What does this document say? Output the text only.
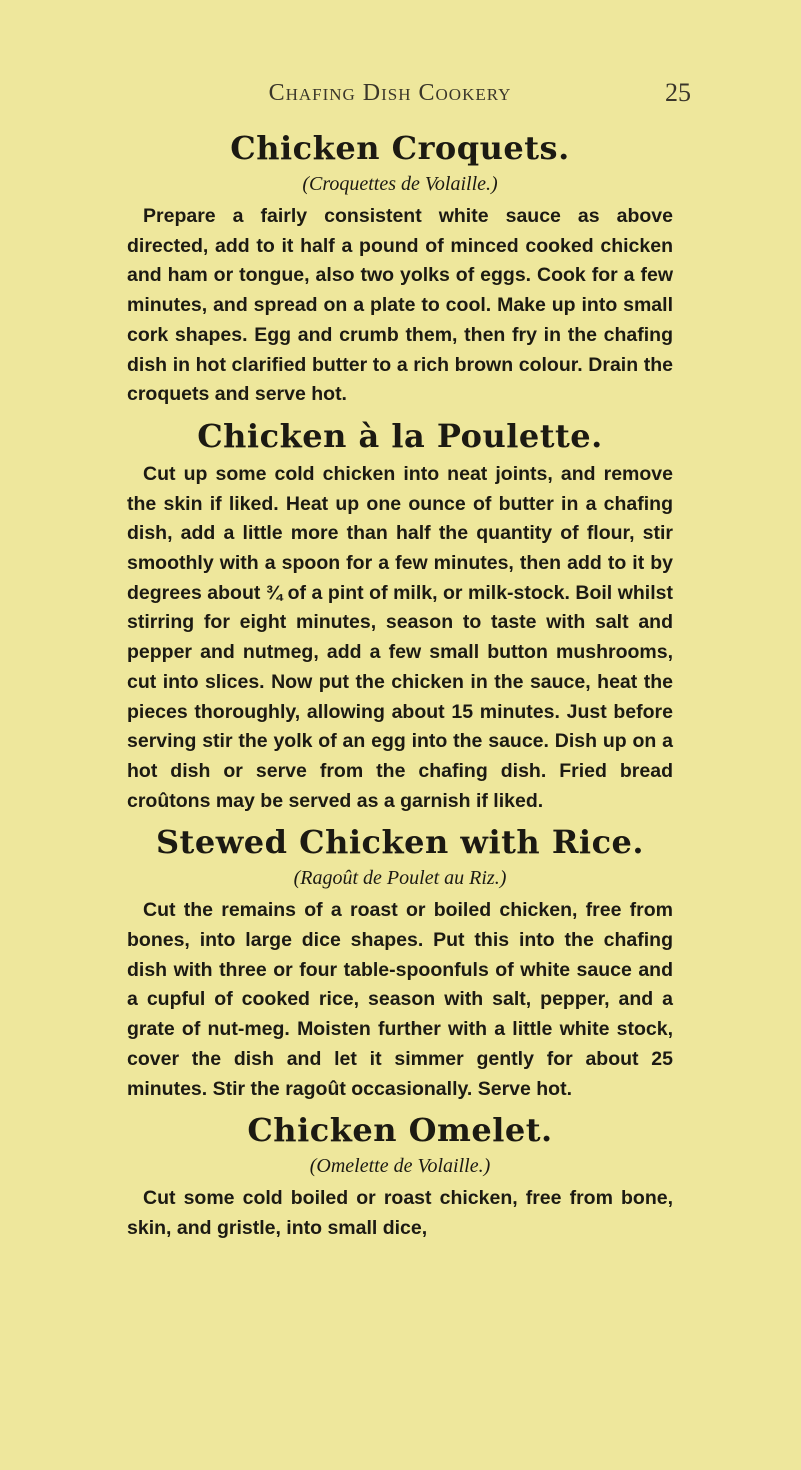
Chafing Dish Cookery	25
Chicken Croquets.
(Croquettes de Volaille.)

Prepare a fairly consistent white sauce as above directed, add to it half a pound of minced cooked chicken and ham or tongue, also two yolks of eggs. Cook for a few minutes, and spread on a plate to cool. Make up into small cork shapes. Egg and crumb them, then fry in the chafing dish in hot clarified butter to a rich brown colour. Drain the croquets and serve hot.

Chicken à la Poulette.

Cut up some cold chicken into neat joints, and remove the skin if liked. Heat up one ounce of butter in a chafing dish, add a little more than half the quantity of flour, stir smoothly with a spoon for a few minutes, then add to it by degrees about ¾ of a pint of milk, or milk-stock. Boil whilst stirring for eight minutes, season to taste with salt and pepper and nutmeg, add a few small button mushrooms, cut into slices. Now put the chicken in the sauce, heat the pieces thoroughly, allowing about 15 minutes. Just before serving stir the yolk of an egg into the sauce. Dish up on a hot dish or serve from the chafing dish. Fried bread croûtons may be served as a garnish if liked.

Stewed Chicken with Rice.
(Ragoût de Poulet au Riz.)

Cut the remains of a roast or boiled chicken, free from bones, into large dice shapes. Put this into the chafing dish with three or four table-spoonfuls of white sauce and a cupful of cooked rice, season with salt, pepper, and a grate of nut-meg. Moisten further with a little white stock, cover the dish and let it simmer gently for about 25 minutes. Stir the ragoût occasionally. Serve hot.

Chicken Omelet.
(Omelette de Volaille.)

Cut some cold boiled or roast chicken, free from bone, skin, and gristle, into small dice,
